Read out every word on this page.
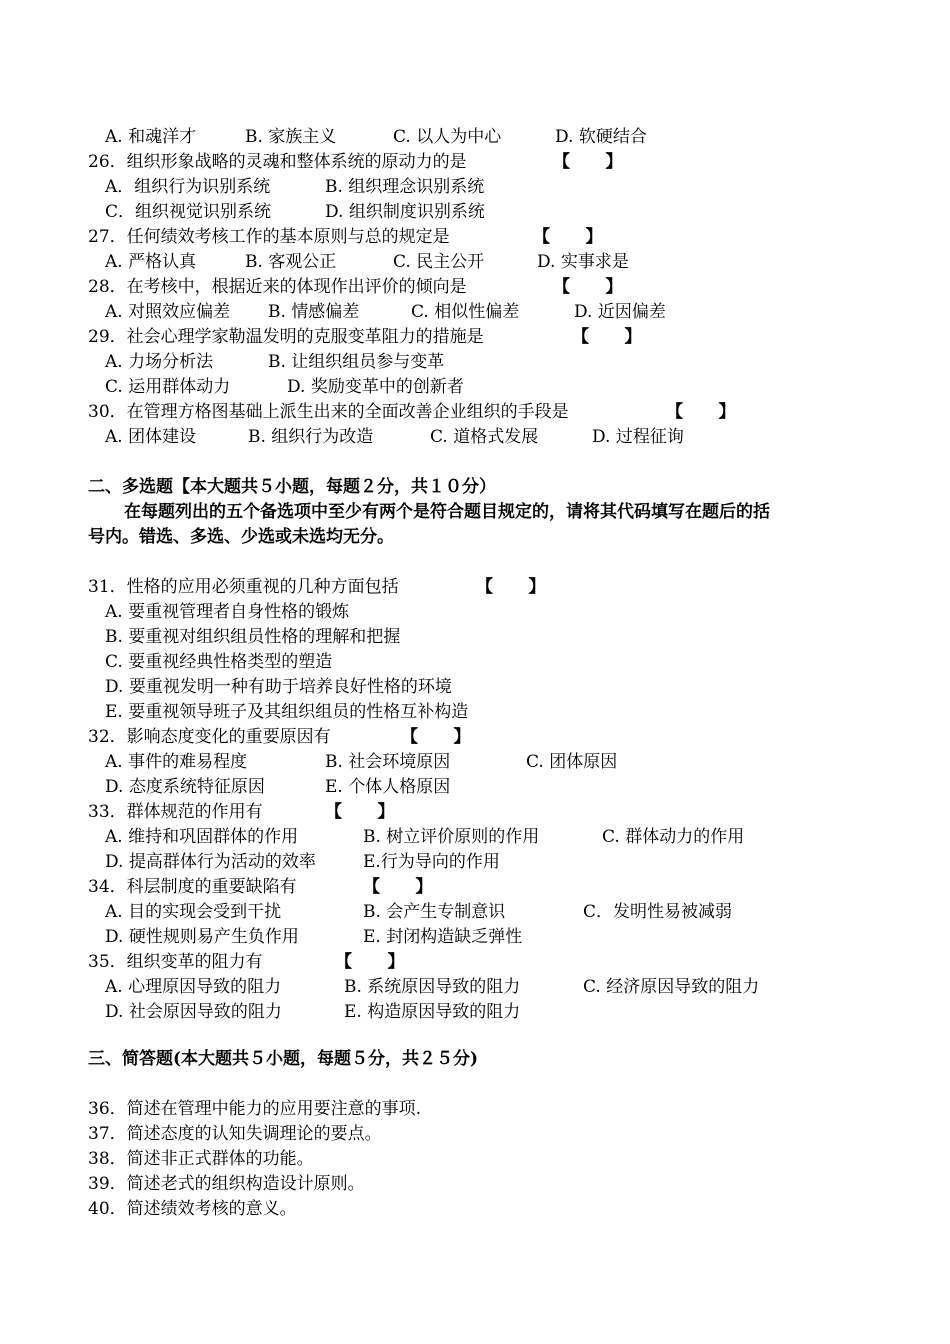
A. 和魂洋才	B. 家族主义	C. 以人为中心	D. 软硬结合
26．组织形象战略的灵魂和整体系统的原动力的是	【      】
A．组织行为识别系统	B. 组织理念识别系统
C．组织视觉识别系统	D. 组织制度识别系统
27．任何绩效考核工作的基本原则与总的规定是	【      】
A. 严格认真	B. 客观公正	C. 民主公开	D. 实事求是
28．在考核中，根据近来的体现作出评价的倾向是	【      】
A. 对照效应偏差 B. 情感偏差	C. 相似性偏差	D. 近因偏差
29．社会心理学家勒温发明的克服变革阻力的措施是	【      】
A. 力场分析法	B. 让组织组员参与变革
C. 运用群体动力	D. 奖励变革中的创新者
30．在管理方格图基础上派生出来的全面改善企业组织的手段是	【      】
A. 团体建设	B. 组织行为改造	C. 道格式发展	D. 过程征询
二、多选题【本大题共５小题，每题２分，共１０分）
在每题列出的五个备选项中至少有两个是符合题目规定的，请将其代码填写在题后的括
号内。错选、多选、少选或未选均无分。
31．性格的应用必须重视的几种方面包括	【      】
A. 要重视管理者自身性格的锻炼
B. 要重视对组织组员性格的理解和把握
C. 要重视经典性格类型的塑造
D. 要重视发明一种有助于培养良好性格的环境
E. 要重视领导班子及其组织组员的性格互补构造
32．影响态度变化的重要原因有	【      】
A. 事件的难易程度	B. 社会环境原因	C. 团体原因
D. 态度系统特征原因	E. 个体人格原因
33．群体规范的作用有	【      】
A. 维持和巩固群体的作用	B. 树立评价原则的作用	C. 群体动力的作用
D. 提高群体行为活动的效率	E.行为导向的作用
34．科层制度的重要缺陷有	【      】
A. 目的实现会受到干扰	B. 会产生专制意识	C．发明性易被减弱
D. 硬性规则易产生负作用	E. 封闭构造缺乏弹性
35．组织变革的阻力有	【      】
A. 心理原因导致的阻力	B. 系统原因导致的阻力	C. 经济原因导致的阻力
D. 社会原因导致的阻力	E. 构造原因导致的阻力
三、简答题(本大题共５小题，每题５分，共２５分)
36．简述在管理中能力的应用要注意的事项.
37．简述态度的认知失调理论的要点。
38．简述非正式群体的功能。
39．简述老式的组织构造设计原则。
40．简述绩效考核的意义。
